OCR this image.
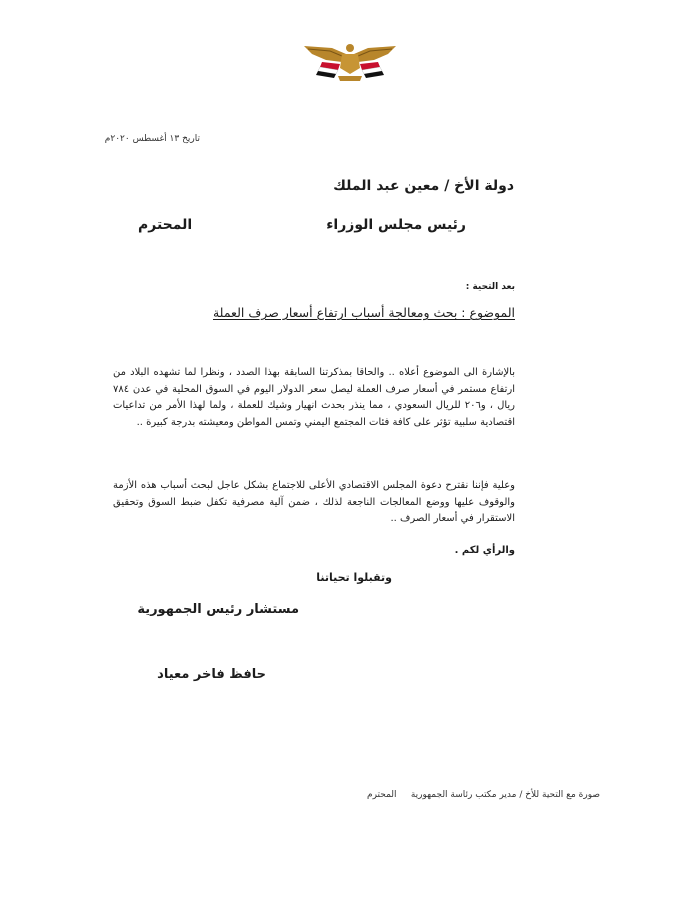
تاريخ ١٣ أغسطس ٢٠٢٠م
دولة الأخ / معين عبد الملك
رئيس مجلس الوزراء
المحترم
بعد التحية :
الموضوع : بحث ومعالجة أسباب ارتفاع أسعار صرف العملة
بالإشارة الى الموضوع أعلاه .. والحاقا بمذكرتنا السابقة بهذا الصدد ، ونظرا لما تشهده البلاد من ارتفاع مستمر في أسعار صرف العملة ليصل سعر الدولار اليوم في السوق المحلية في عدن ٧٨٤ ريال ، و٢٠٦ للريال السعودي ، مما ينذر بحدث انهيار وشيك للعملة ، ولما لهذا الأمر من تداعيات اقتصادية سلبية تؤثر على كافة فئات المجتمع اليمني وتمس المواطن ومعيشته بدرجة كبيرة ..
وعلية فإننا نقترح دعوة المجلس الاقتصادي الأعلى للاجتماع بشكل عاجل لبحث أسباب هذه الأزمة والوقوف عليها ووضع المعالجات الناجعة لذلك ، ضمن آلية مصرفية تكفل ضبط السوق وتحقيق الاستقرار في أسعار الصرف ..
والرأي لكم .
وتقبلوا تحياتنا
مستشار رئيس الجمهورية
حافظ فاخر معياد
صورة مع التحية للأخ / مدير مكتب رئاسة الجمهورية     المحترم
